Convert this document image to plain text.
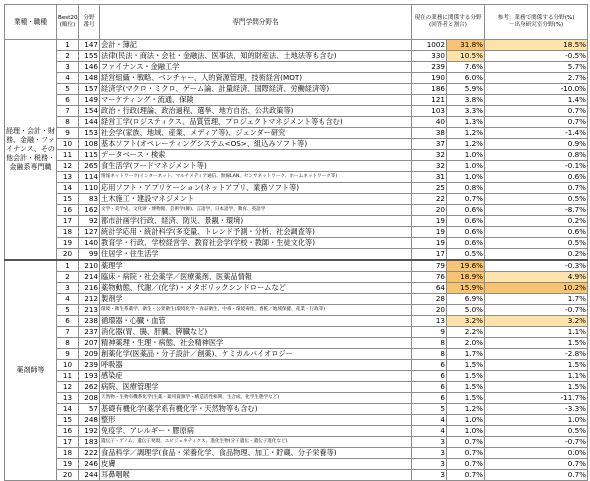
業種・職種	Best20
(順位)	分野
番号	専門学問分野名	現在の業務に関係する分野
(回答者と割合)		参考：業務で関係する分野(%)
－出身研究室分野(%)
経理・会計・財務、金融・ファイナンス、その他会計・税務・金融系専門職	1	147	会計・簿記	1002	31.8%	18.5%
	2	155	法律(民法・商法・会社・金融法、医事法、知的財産法、土地法等も含む)	330	10.5%	-0.5%
	3	146	ファイナンス・金融工学	239	7.6%	5.7%
	4	148	経営組織・戦略、ベンチャー、人的資源管理、技術経営(MOT)	190	6.0%	2.7%
	5	157	経済学(マクロ・ミクロ、ゲーム論、計量経済、国際経済、労働経済等)	186	5.9%	-10.0%
	6	149	マーケティング・流通、保険	121	3.8%	1.4%
	7	154	政治・行政(理論、政治過程、選挙、地方自治、公共政策等)	103	3.3%	0.7%
	8	144	経営工学(ロジスティクス、品質管理、プロジェクトマネジメント等も含む)	40	1.3%	0.7%
	9	153	社会学(家族、地域、産業、メディア等)、ジェンダー研究	38	1.2%	-1.4%
	10	108	基本ソフト(オペレーティングシステム<OS>、組込みソフト等)	37	1.2%	0.9%
	11	115	データベース・検索	32	1.0%	0.8%
	12	265	食生活学(フードマネジメント等)	32	1.0%	-0.1%
	13	114	情報ネットワーク(インターネット、マルチメディア通信、無線LAN、センサネットワーク、ホームネットワーク等)	31	1.0%	0.6%
	14	110	応用ソフト・アプリケーション(ネットアプリ、業務ソフト等)	25	0.8%	0.7%
	15	83	土木施工・建設マネジメント	22	0.7%	0.5%
	16	162	文学・美学史、文化財・博物館、芸術学(舞)、言語学、日本語学、教育、英語学	20	0.6%	-8.7%
	17	92	都市計画学(行政、経済、防災、景観・環境)	19	0.6%	0.2%
	18	127	統計学応用・統計科学(多変量、トレンド予測・分析、社会調査等)	19	0.6%	0.6%
	19	140	教育学・行政、学校経営学、教育社会学(学校・教師・生徒文化等)	19	0.6%	0.5%
	20	99	住居学・住生活学	17	0.5%	0.2%
薬剤師等	1	210	薬理学	79	19.6%	-0.3%
	2	214	臨床・病院・社会薬学／医療薬剤、医薬品情報	76	18.9%	4.9%
	3	216	薬物動態、代謝／(化学)・メタボリックシンドロームなど	64	15.9%	10.2%
	4	212	製剤学	28	6.9%	1.7%
	5	213	環境・衛生系薬学、衛生・公衆衛生(環境化学・食品衛生、中毒・環境毒性、香粧／地域保健、産業・行政等)	20	5.0%	-0.7%
	6	238	循環器・心臓・血管	13	3.2%	3.2%
	7	237	消化器(胃、腸、肝臓、膵臓など)	9	2.2%	1.1%
	8	207	精神薬理・生理・病態、社会精神医学	8	2.0%	1.5%
	9	209	創薬化学(医薬品・分子設計／創薬)、ケミカルバイオロジー	8	1.7%	-2.8%
	10	239	呼吸器	6	1.5%	1.5%
	11	193	感染症	6	1.5%	1.1%
	12	262	病院、医療管理学	6	1.5%	1.5%
	13	208	天然物・生物有機系化学(生薬・薬用資源学・構造活性相関、生合成、化学生態学など)	6	1.5%	-11.7%
	14	57	基礎有機化学(薬学系有機化学・天然物等も含む)	5	1.2%	-3.3%
	15	248	整形	4	1.0%	1.0%
	16	192	免疫学、アレルギー・膠原病	4	1.0%	0.5%
	17	183	遺伝子・ゲノム、遺伝子発現、エピジェネティクス、進化生物(分子遺伝・遺伝子進化など)	3	0.7%	-0.7%
	18	222	食品科学／調理学(食品・栄養化学、食品物理、加工・貯蔵、分子栄養等)	3	0.7%	0.0%
	19	246	皮膚	3	0.7%	0.7%
	20	244	耳鼻咽喉	3	0.7%	0.7%
